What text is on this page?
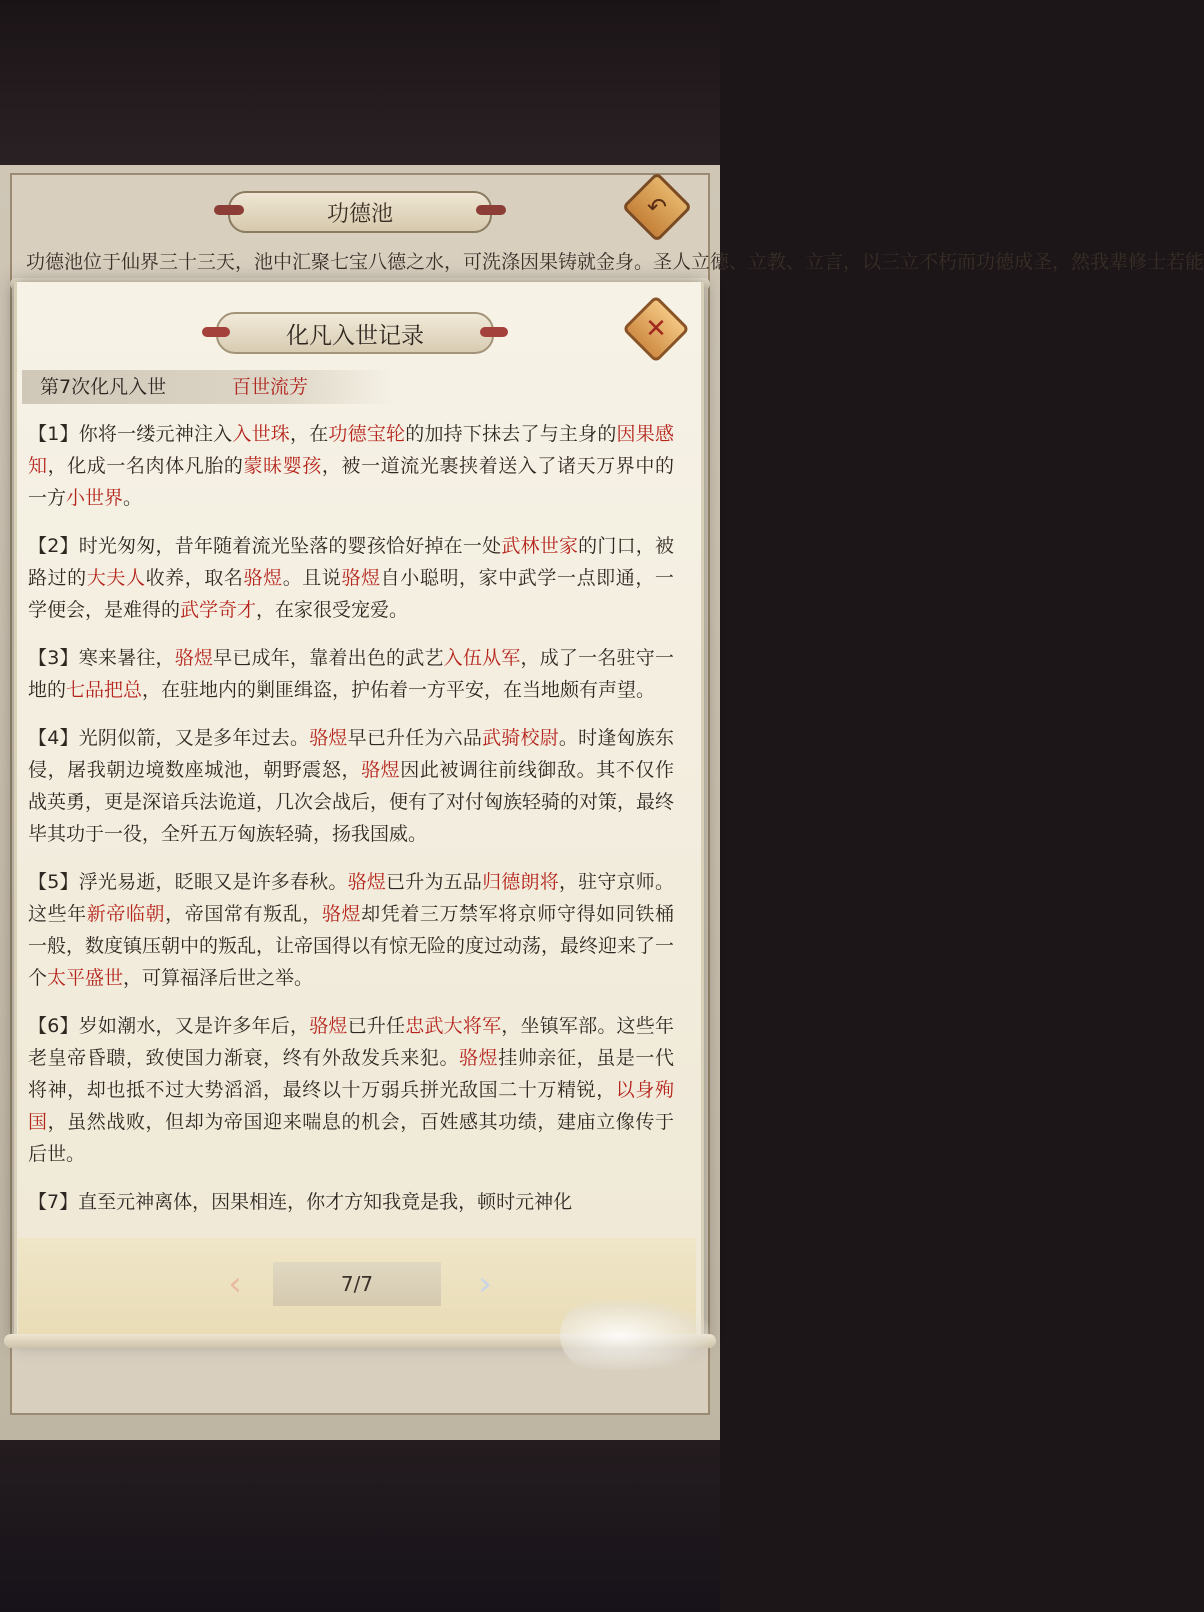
功德池
功德池位于仙界三十三天，池中汇聚七宝八德之水，可洗涤因果铸就金身。圣人立德、立教、立言，以三立不朽而功德成圣，然我辈修士若能
↶
化凡入世记录	✕
第7次化凡入世	百世流芳

【1】你将一缕元神注入入世珠，在功德宝轮的加持下抹去了与主身的因果感知，化成一名肉体凡胎的蒙昧婴孩，被一道流光裹挟着送入了诸天万界中的一方小世界。

【2】时光匆匆，昔年随着流光坠落的婴孩恰好掉在一处武林世家的门口，被路过的大夫人收养，取名骆煜。且说骆煜自小聪明，家中武学一点即通，一学便会，是难得的武学奇才，在家很受宠爱。

【3】寒来暑往，骆煜早已成年，靠着出色的武艺入伍从军，成了一名驻守一地的七品把总，在驻地内的剿匪缉盗，护佑着一方平安，在当地颇有声望。

【4】光阴似箭，又是多年过去。骆煜早已升任为六品武骑校尉。时逢匈族东侵，屠我朝边境数座城池，朝野震怒，骆煜因此被调往前线御敌。其不仅作战英勇，更是深谙兵法诡道，几次会战后，便有了对付匈族轻骑的对策，最终毕其功于一役，全歼五万匈族轻骑，扬我国威。

【5】浮光易逝，眨眼又是许多春秋。骆煜已升为五品归德朗将，驻守京师。这些年新帝临朝，帝国常有叛乱，骆煜却凭着三万禁军将京师守得如同铁桶一般，数度镇压朝中的叛乱，让帝国得以有惊无险的度过动荡，最终迎来了一个太平盛世，可算福泽后世之举。

【6】岁如潮水，又是许多年后，骆煜已升任忠武大将军，坐镇军部。这些年老皇帝昏聩，致使国力渐衰，终有外敌发兵来犯。骆煜挂帅亲征，虽是一代将神，却也抵不过大势滔滔，最终以十万弱兵拼光敌国二十万精锐，以身殉国，虽然战败，但却为帝国迎来喘息的机会，百姓感其功绩，建庙立像传于后世。

【7】直至元神离体，因果相连，你才方知我竟是我，顿时元神化

‹	7/7	›
